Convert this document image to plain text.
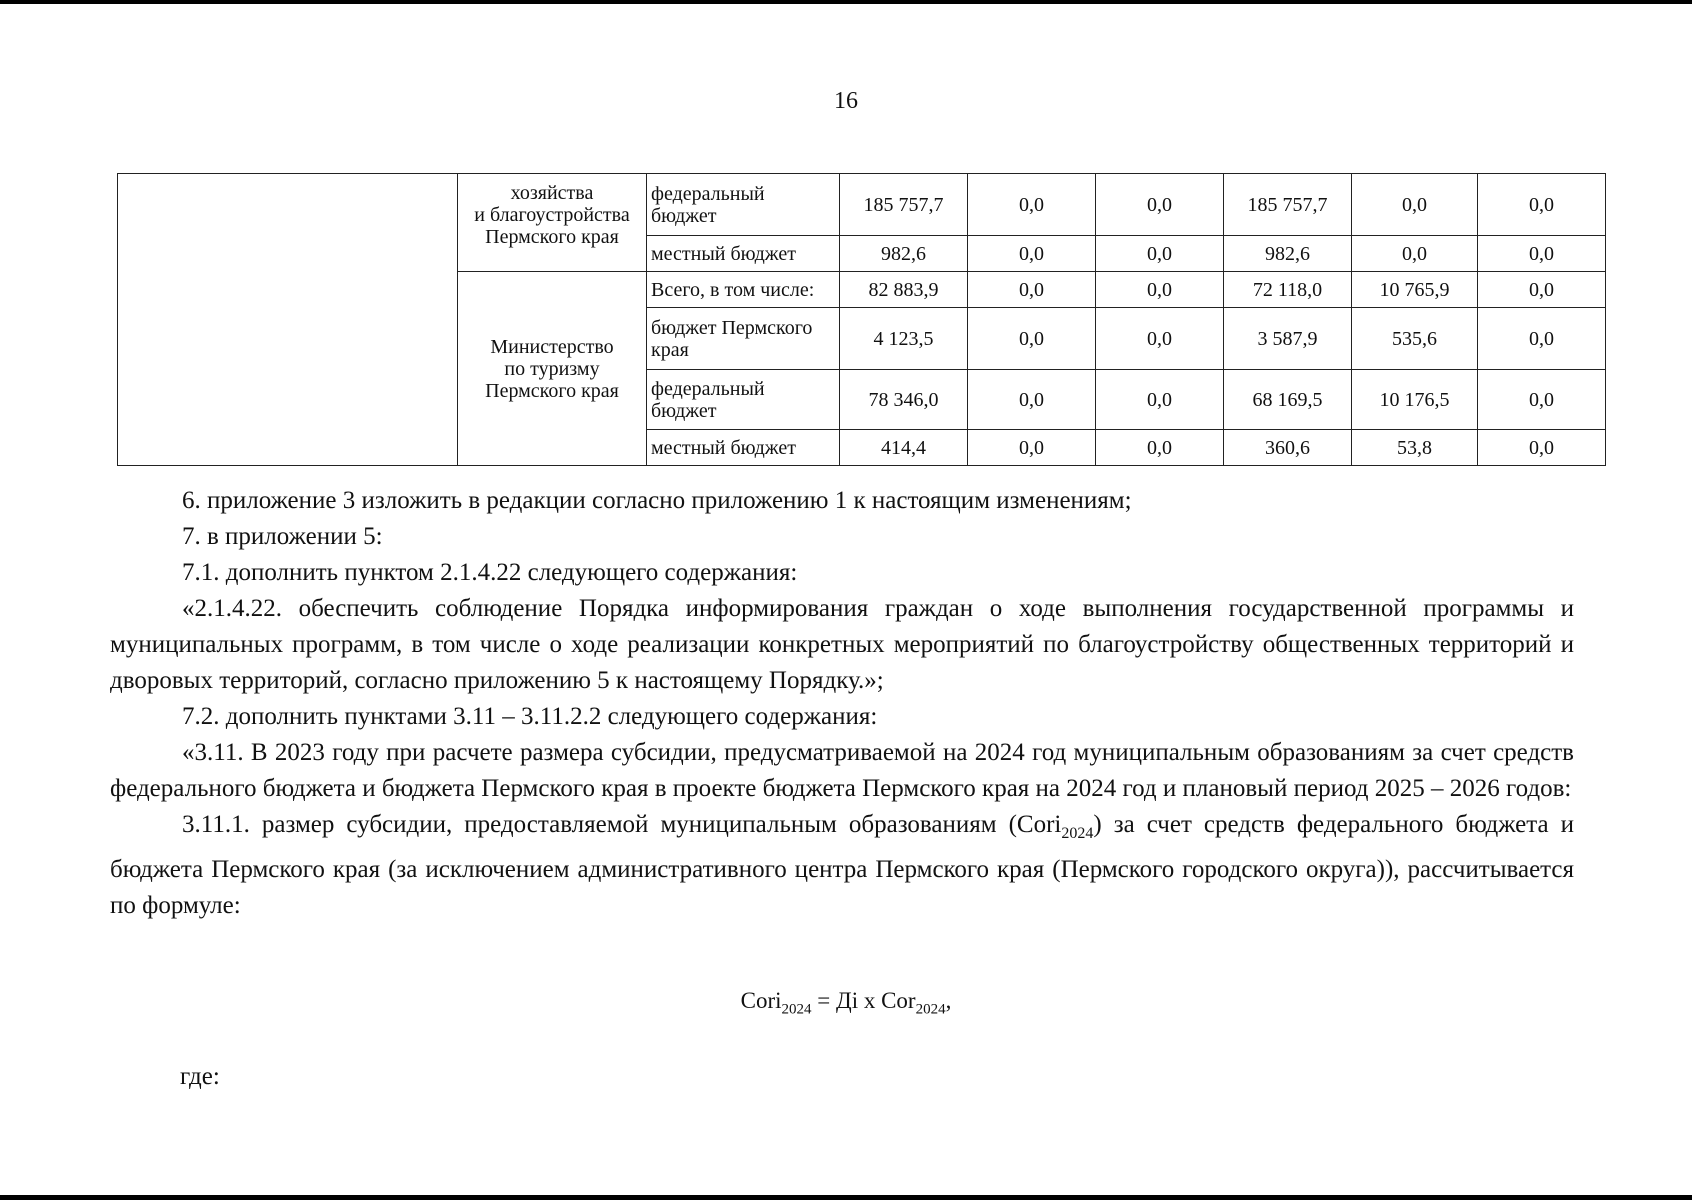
16
	хозяйства
и благоустройства
Пермского края	федеральный бюджет	185 757,7	0,0	0,0	185 757,7	0,0	0,0
		местный бюджет	982,6	0,0	0,0	982,6	0,0	0,0
	Министерство
по туризму
Пермского края	Всего, в том числе:	82 883,9	0,0	0,0	72 118,0	10 765,9	0,0
		бюджет Пермского края	4 123,5	0,0	0,0	3 587,9	535,6	0,0
		федеральный бюджет	78 346,0	0,0	0,0	68 169,5	10 176,5	0,0
		местный бюджет	414,4	0,0	0,0	360,6	53,8	0,0

6. приложение 3 изложить в редакции согласно приложению 1 к настоящим изменениям;

7. в приложении 5:

7.1. дополнить пунктом 2.1.4.22 следующего содержания:

«2.1.4.22. обеспечить соблюдение Порядка информирования граждан о ходе выполнения государственной программы и муниципальных программ, в том числе о ходе реализации конкретных мероприятий по благоустройству общественных территорий и дворовых территорий, согласно приложению 5 к настоящему Порядку.»;

7.2. дополнить пунктами 3.11 – 3.11.2.2 следующего содержания:

«3.11. В 2023 году при расчете размера субсидии, предусматриваемой на 2024 год муниципальным образованиям за счет средств федерального бюджета и бюджета Пермского края в проекте бюджета Пермского края на 2024 год и плановый период 2025 – 2026 годов:

3.11.1. размер субсидии, предоставляемой муниципальным образованиям (Cori$_{2024}$) за счет средств федерального бюджета и бюджета Пермского края (за исключением административного центра Пермского края (Пермского городского округа)), рассчитывается по формуле:

Cori$_{2024}$ = Дi х Cor$_{2024}$,
где:
